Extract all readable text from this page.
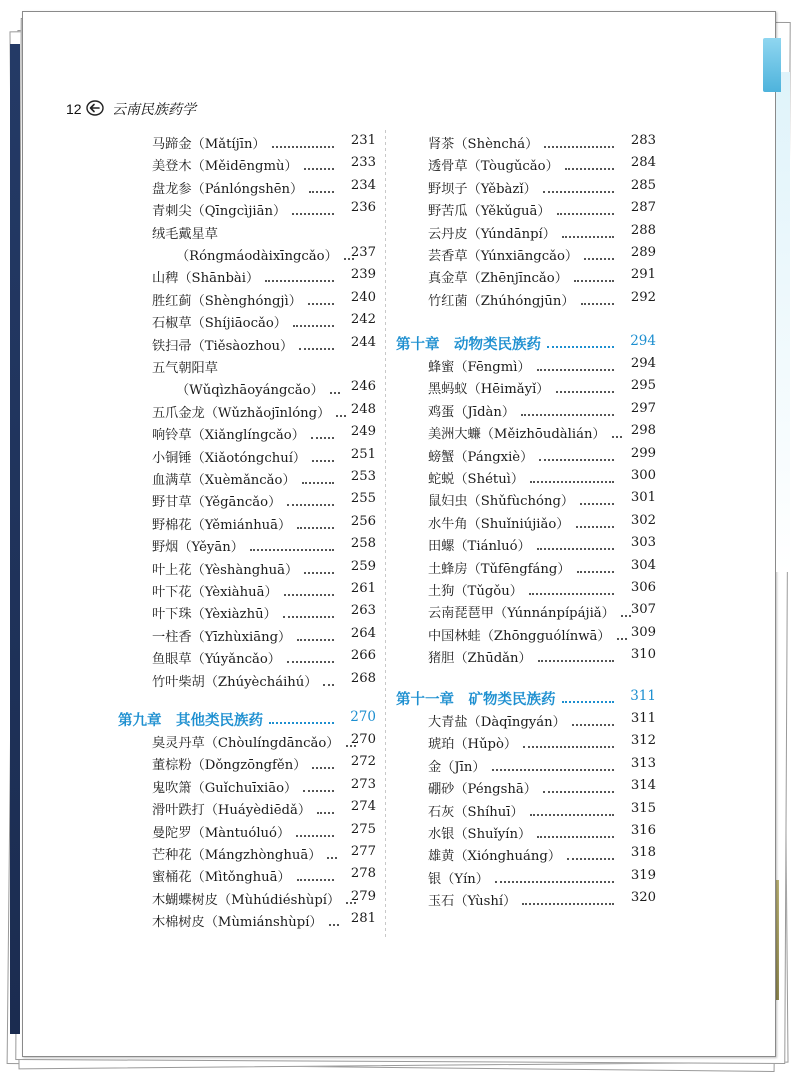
12 云南民族药学
马蹄金（Mǎtíjīn）	231
美登木（Měidēngmù）	233
盘龙参（Pánlóngshēn）	234
青刺尖（Qīngcìjiān）	236
绒毛戴星草
（Róngmáodàixīngcǎo） 237
山稗（Shānbài）	239
胜红蓟（Shènghóngjì）	240
石椒草（Shíjiāocǎo）	242
铁扫帚（Tiěsàozhou）	244
五气朝阳草
（Wǔqìzhāoyángcǎo）	246
五爪金龙（Wǔzhǎojīnlóng）	248
响铃草（Xiǎnglíngcǎo）	249
小铜锤（Xiǎotóngchuí）	251
血满草（Xuèmǎncǎo）	253
野甘草（Yěgāncǎo）	255
野棉花（Yěmiánhuā）	256
野烟（Yěyān）	258
叶上花（Yèshànghuā）	259
叶下花（Yèxiàhuā）	261
叶下珠（Yèxiàzhū）	263
一柱香（Yīzhùxiāng）	264
鱼眼草（Yúyǎncǎo）	266
竹叶柴胡（Zhúyècháihú）	268
第九章　其他类民族药	270
臭灵丹草（Chòulíngdāncǎo） 270
董棕粉（Dǒngzōngfěn）	272
鬼吹箫（Guǐchuīxiāo）	273
滑叶跌打（Huáyèdiēdǎ）	274
曼陀罗（Màntuóluó）	275
芒种花（Mángzhònghuā）	277
蜜桶花（Mìtǒnghuā）	278
木蝴蝶树皮（Mùhúdiéshùpí） 279
木棉树皮（Mùmiánshùpí）	281
肾茶（Shènchá）	283
透骨草（Tòugǔcǎo）	284
野坝子（Yěbàzǐ）	285
野苦瓜（Yěkǔguā）	287
云丹皮（Yúndānpí）	288
芸香草（Yúnxiāngcǎo）	289
真金草（Zhēnjīncǎo）	291
竹红菌（Zhúhóngjūn）	292
第十章　动物类民族药	294
蜂蜜（Fēngmì）	294
黑蚂蚁（Hēimǎyǐ）	295
鸡蛋（Jīdàn）	297
美洲大蠊（Měizhōudàlián）	298
螃蟹（Pángxiè）	299
蛇蜕（Shétuì）	300
鼠妇虫（Shǔfùchóng）	301
水牛角（Shuǐniújiǎo）	302
田螺（Tiánluó）	303
土蜂房（Tǔfēngfáng）	304
土狗（Tǔgǒu）	306
云南琵琶甲（Yúnnánpípájiǎ）	307
中国林蛙（Zhōngguólínwā）	309
猪胆（Zhūdǎn）	310
第十一章　矿物类民族药	311
大青盐（Dàqīngyán）	311
琥珀（Hǔpò）	312
金（Jīn）	313
硼砂（Péngshā）	314
石灰（Shíhuī）	315
水银（Shuǐyín）	316
雄黄（Xiónghuáng）	318
银（Yín）	319
玉石（Yùshí）	320
